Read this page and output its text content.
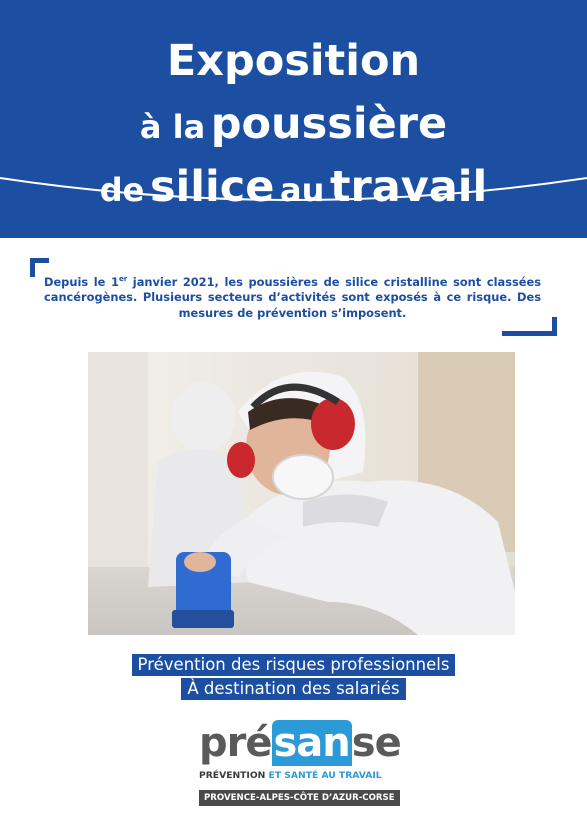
Exposition
à la poussière
de silice au travail

Depuis le 1er janvier 2021, les poussières de silice cristalline sont classées cancérogènes. Plusieurs secteurs d’activités sont exposés à ce risque. Des mesures de prévention s’imposent.

Prévention des risques professionnels
À destination des salariés
présanse
PRÉVENTION ET SANTÉ AU TRAVAIL
PROVENCE-ALPES-CÔTE D’AZUR-CORSE
